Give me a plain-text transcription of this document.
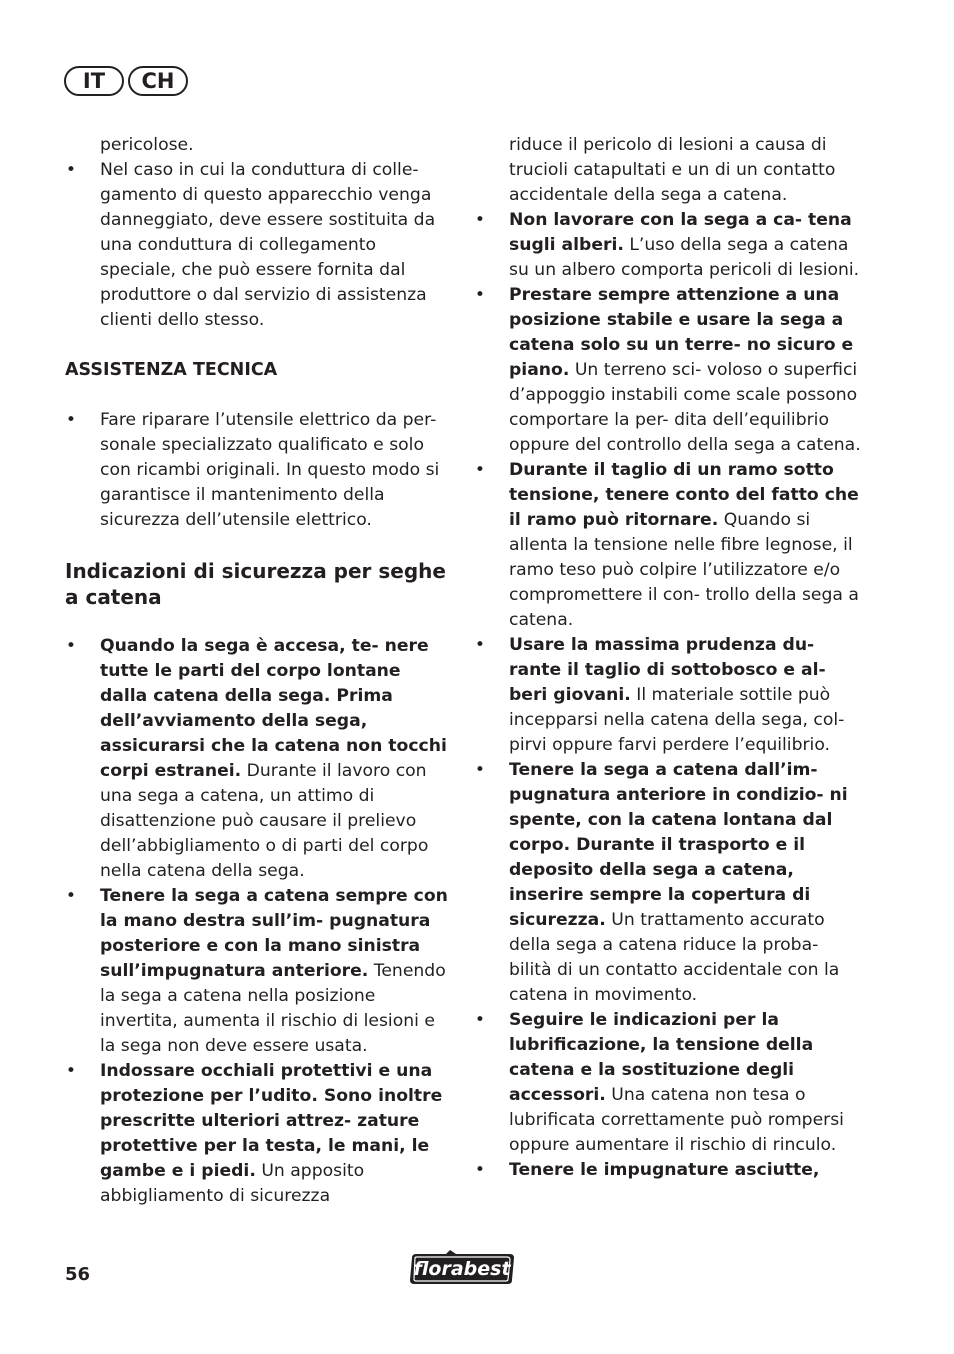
IT	CH

pericolose.

•
Nel caso in cui la conduttura di colle- gamento di questo apparecchio venga danneggiato, deve essere sostituita da una conduttura di collegamento speciale, che può essere fornita dal produttore o dal servizio di assistenza clienti dello stesso.

ASSISTENZA TECNICA

•
Fare riparare l’utensile elettrico da per- sonale specializzato qualificato e solo con ricambi originali. In questo modo si garantisce il mantenimento della sicurezza dell’utensile elettrico.

Indicazioni di sicurezza per seghe a catena

•
Quando la sega è accesa, te- nere tutte le parti del corpo lontane dalla catena della sega. Prima dell’avviamento della sega, assicurarsi che la catena non tocchi corpi estranei. Durante il lavoro con una sega a catena, un attimo di disattenzione può causare il prelievo dell’abbigliamento o di parti del corpo nella catena della sega.
•
Tenere la sega a catena sempre con la mano destra sull’im- pugnatura posteriore e con la mano sinistra sull’impugnatura anteriore. Tenendo la sega a catena nella posizione invertita, aumenta il rischio di lesioni e la sega non deve essere usata.
•
Indossare occhiali protettivi e una protezione per l’udito. Sono inoltre prescritte ulteriori attrez- zature protettive per la testa, le mani, le gambe e i piedi. Un apposito abbigliamento di sicurezza

riduce il pericolo di lesioni a causa di trucioli catapultati e un di un contatto accidentale della sega a catena.

•
Non lavorare con la sega a ca- tena sugli alberi. L’uso della sega a catena su un albero comporta pericoli di lesioni.
•
Prestare sempre attenzione a una posizione stabile e usare la sega a catena solo su un terre- no sicuro e piano. Un terreno sci- voloso o superfici d’appoggio instabili come scale possono comportare la per- dita dell’equilibrio oppure del controllo della sega a catena.
•
Durante il taglio di un ramo sotto tensione, tenere conto del fatto che il ramo può ritornare. Quando si allenta la tensione nelle fibre legnose, il ramo teso può colpire l’utilizzatore e/o compromettere il con- trollo della sega a catena.
•
Usare la massima prudenza du- rante il taglio di sottobosco e al- beri giovani. Il materiale sottile può incepparsi nella catena della sega, col- pirvi oppure farvi perdere l’equilibrio.
•
Tenere la sega a catena dall’im- pugnatura anteriore in condizio- ni spente, con la catena lontana dal corpo. Durante il trasporto e il deposito della sega a catena, inserire sempre la copertura di sicurezza. Un trattamento accurato della sega a catena riduce la proba- bilità di un contatto accidentale con la catena in movimento.
•
Seguire le indicazioni per la lubrificazione, la tensione della catena e la sostituzione degli accessori. Una catena non tesa o lubrificata correttamente può rompersi oppure aumentare il rischio di rinculo.
•
Tenere le impugnature asciutte,
56	florabest
